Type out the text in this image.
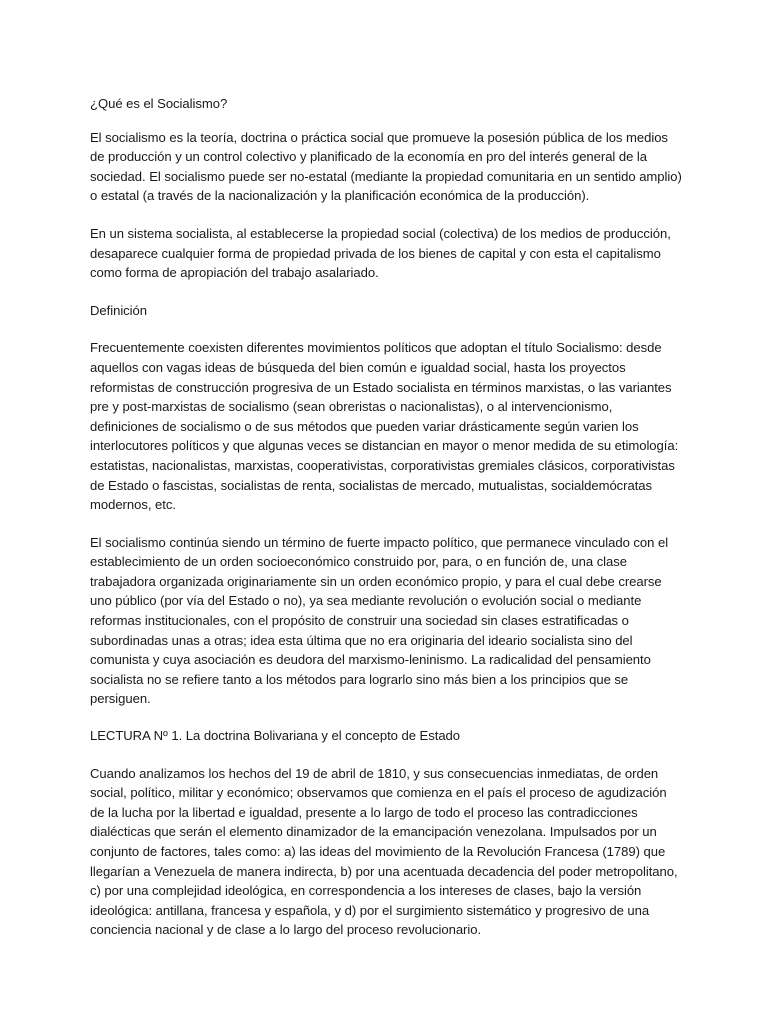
¿Qué es el Socialismo?

El socialismo es la teoría, doctrina o práctica social que promueve la posesión pública de los medios de producción y un control colectivo y planificado de la economía en pro del interés general de la sociedad. El socialismo puede ser no-estatal (mediante la propiedad comunitaria en un sentido amplio) o estatal (a través de la nacionalización y la planificación económica de la producción).

En un sistema socialista, al establecerse la propiedad social (colectiva) de los medios de producción, desaparece cualquier forma de propiedad privada de los bienes de capital y con esta el capitalismo como forma de apropiación del trabajo asalariado.

Definición

Frecuentemente coexisten diferentes movimientos políticos que adoptan el título Socialismo: desde aquellos con vagas ideas de búsqueda del bien común e igualdad social, hasta los proyectos reformistas de construcción progresiva de un Estado socialista en términos marxistas, o las variantes pre y post-marxistas de socialismo (sean obreristas o nacionalistas), o al intervencionismo, definiciones de socialismo o de sus métodos que pueden variar drásticamente según varien los interlocutores políticos y que algunas veces se distancian en mayor o menor medida de su etimología: estatistas, nacionalistas, marxistas, cooperativistas, corporativistas gremiales clásicos, corporativistas de Estado o fascistas, socialistas de renta, socialistas de mercado, mutualistas, socialdemócratas modernos, etc.

El socialismo continúa siendo un término de fuerte impacto político, que permanece vinculado con el establecimiento de un orden socioeconómico construido por, para, o en función de, una clase trabajadora organizada originariamente sin un orden económico propio, y para el cual debe crearse uno público (por vía del Estado o no), ya sea mediante revolución o evolución social o mediante reformas institucionales, con el propósito de construir una sociedad sin clases estratificadas o subordinadas unas a otras; idea esta última que no era originaria del ideario socialista sino del comunista y cuya asociación es deudora del marxismo-leninismo. La radicalidad del pensamiento socialista no se refiere tanto a los métodos para lograrlo sino más bien a los principios que se persiguen.

LECTURA Nº 1. La doctrina Bolivariana y el concepto de Estado

Cuando analizamos los hechos del 19 de abril de 1810, y sus consecuencias inmediatas, de orden social, político, militar y económico; observamos que comienza en el país el proceso de agudización de la lucha por la libertad e igualdad, presente a lo largo de todo el proceso las contradicciones dialécticas que serán el elemento dinamizador de la emancipación venezolana. Impulsados por un conjunto de factores, tales como: a) las ideas del movimiento de la Revolución Francesa (1789) que llegarían a Venezuela de manera indirecta, b) por una acentuada decadencia del poder metropolitano, c) por una complejidad ideológica, en correspondencia a los intereses de clases, bajo la versión ideológica: antillana, francesa y española, y d) por el surgimiento sistemático y progresivo de una conciencia nacional y de clase a lo largo del proceso revolucionario.
